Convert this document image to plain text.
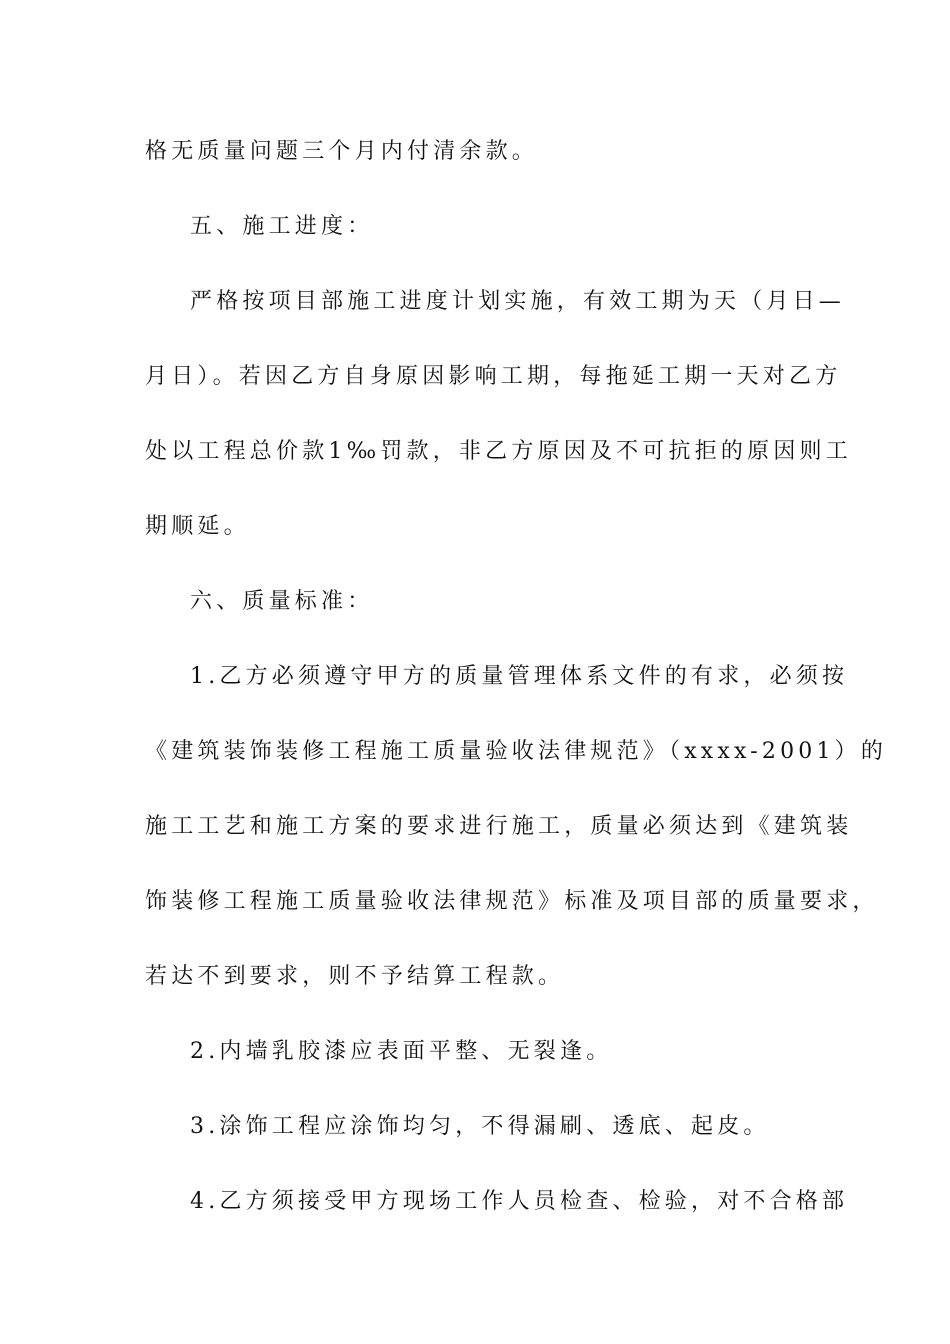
格无质量问题三个月内付清余款。

五、施工进度：

严格按项目部施工进度计划实施，有效工期为天（月日—

月日）。若因乙方自身原因影响工期，每拖延工期一天对乙方

处以工程总价款1‰罚款，非乙方原因及不可抗拒的原因则工

期顺延。

六、质量标准：

1.乙方必须遵守甲方的质量管理体系文件的有求，必须按

《建筑装饰装修工程施工质量验收法律规范》（xxxx-2001）的

施工工艺和施工方案的要求进行施工，质量必须达到《建筑装

饰装修工程施工质量验收法律规范》标准及项目部的质量要求，

若达不到要求，则不予结算工程款。

2.内墙乳胶漆应表面平整、无裂逢。

3.涂饰工程应涂饰均匀，不得漏刷、透底、起皮。

4.乙方须接受甲方现场工作人员检查、检验，对不合格部
